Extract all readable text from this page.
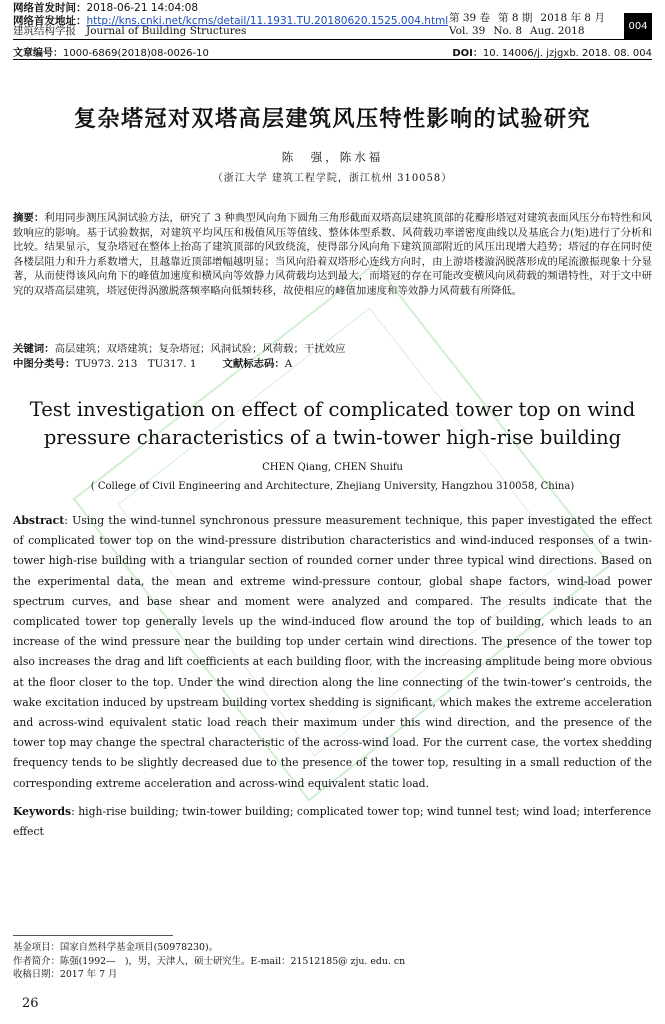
网络首发时间：2018-06-21 14:04:08
网络首发地址：http://kns.cnki.net/kcms/detail/11.1931.TU.20180620.1525.004.html
建筑结构学报 Journal of Building Structures
第 39 卷 第 8 期 2018 年 8 月
Vol. 39 No. 8 Aug. 2018	004
文章编号：1000-6869(2018)08-0026-10	DOI：10. 14006/j. jzjgxb. 2018. 08. 004
复杂塔冠对双塔高层建筑风压特性影响的试验研究
陈　强，陈水福
（浙江大学 建筑工程学院，浙江杭州 310058）
摘要：利用同步测压风洞试验方法，研究了 3 种典型风向角下圆角三角形截面双塔高层建筑顶部的花瓣形塔冠对建筑表面风压分布特性和风致响应的影响。基于试验数据，对建筑平均风压和极值风压等值线、整体体型系数、风荷载功率谱密度曲线以及基底合力(矩)进行了分析和比较。结果显示，复杂塔冠在整体上抬高了建筑顶部的风致绕流，使得部分风向角下建筑顶部附近的风压出现增大趋势；塔冠的存在同时使各楼层阻力和升力系数增大，且越靠近顶部增幅越明显；当风向沿着双塔形心连线方向时，由上游塔楼漩涡脱落形成的尾流激振现象十分显著，从而使得该风向角下的峰值加速度和横风向等效静力风荷载均达到最大，而塔冠的存在可能改变横风向风荷载的频谱特性，对于文中研究的双塔高层建筑，塔冠使得涡激脱落频率略向低频转移，故使相应的峰值加速度和等效静力风荷载有所降低。
关键词：高层建筑；双塔建筑；复杂塔冠；风洞试验；风荷载；干扰效应
中图分类号：TU973. 213　TU317. 1	文献标志码：A
Test investigation on effect of complicated tower top on wind
pressure characteristics of a twin-tower high-rise building
CHEN Qiang, CHEN Shuifu
( College of Civil Engineering and Architecture, Zhejiang University, Hangzhou 310058, China)
Abstract: Using the wind-tunnel synchronous pressure measurement technique, this paper investigated the effect of complicated tower top on the wind-pressure distribution characteristics and wind-induced responses of a twin-tower high-rise building with a triangular section of rounded corner under three typical wind directions. Based on the experimental data, the mean and extreme wind-pressure contour, global shape factors, wind-load power spectrum curves, and base shear and moment were analyzed and compared. The results indicate that the complicated tower top generally levels up the wind-induced flow around the top of building, which leads to an increase of the wind pressure near the building top under certain wind directions. The presence of the tower top also increases the drag and lift coefficients at each building floor, with the increasing amplitude being more obvious at the floor closer to the top. Under the wind direction along the line connecting of the twin-tower’s centroids, the wake excitation induced by upstream building vortex shedding is significant, which makes the extreme acceleration and across-wind equivalent static load reach their maximum under this wind direction, and the presence of the tower top may change the spectral characteristic of the across-wind load. For the current case, the vortex shedding frequency tends to be slightly decreased due to the presence of the tower top, resulting in a small reduction of the corresponding extreme acceleration and across-wind equivalent static load.
Keywords: high-rise building; twin-tower building; complicated tower top; wind tunnel test; wind load; interference effect
基金项目：国家自然科学基金项目(50978230)。
作者简介：陈强(1992—　)，男，天津人，硕士研究生。E-mail：21512185@ zju. edu. cn
收稿日期：2017 年 7 月
26
